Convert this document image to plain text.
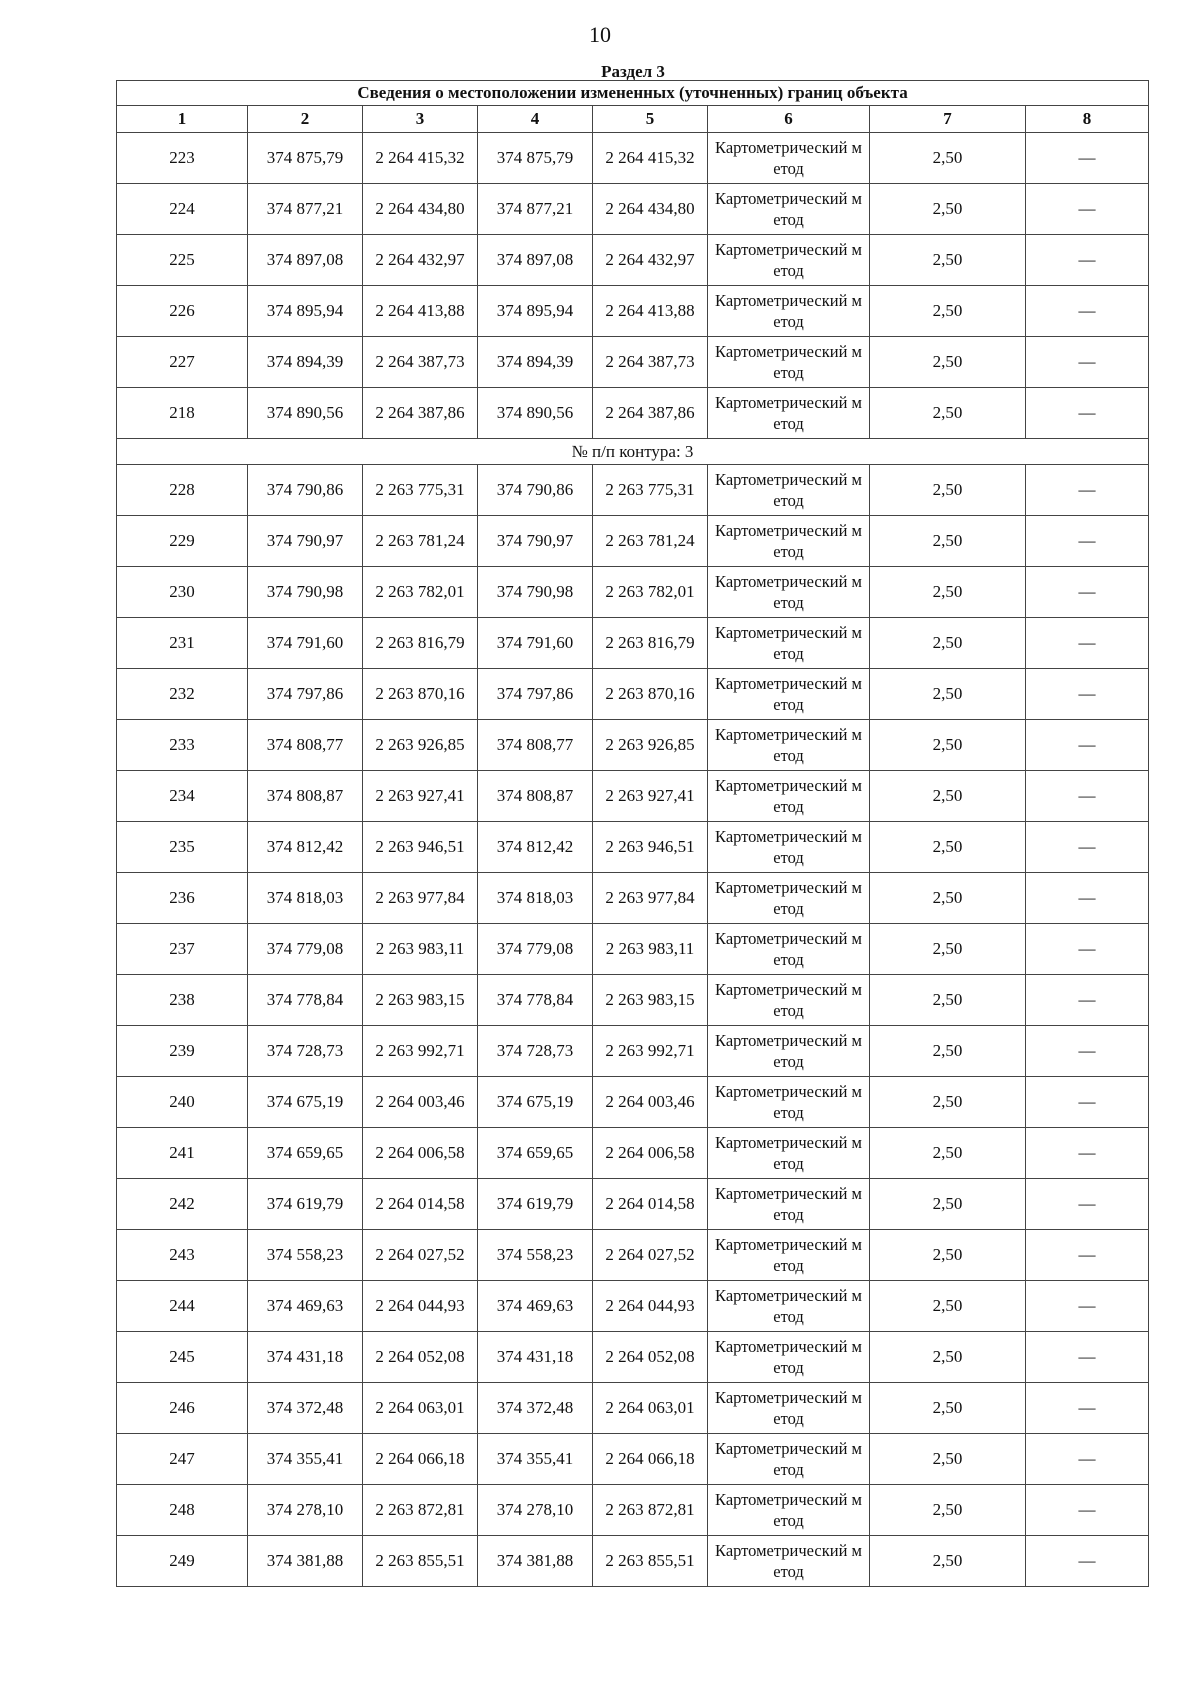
10
Раздел 3
Сведения о местоположении измененных (уточненных) границ объекта							
1	2	3	4	5	6	7	8
223	374 875,79	2 264 415,32	374 875,79	2 264 415,32	Картометрический метод	2,50	—
224	374 877,21	2 264 434,80	374 877,21	2 264 434,80	Картометрический метод	2,50	—
225	374 897,08	2 264 432,97	374 897,08	2 264 432,97	Картометрический метод	2,50	—
226	374 895,94	2 264 413,88	374 895,94	2 264 413,88	Картометрический метод	2,50	—
227	374 894,39	2 264 387,73	374 894,39	2 264 387,73	Картометрический метод	2,50	—
218	374 890,56	2 264 387,86	374 890,56	2 264 387,86	Картометрический метод	2,50	—
№ п/п контура: 3							
228	374 790,86	2 263 775,31	374 790,86	2 263 775,31	Картометрический метод	2,50	—
229	374 790,97	2 263 781,24	374 790,97	2 263 781,24	Картометрический метод	2,50	—
230	374 790,98	2 263 782,01	374 790,98	2 263 782,01	Картометрический метод	2,50	—
231	374 791,60	2 263 816,79	374 791,60	2 263 816,79	Картометрический метод	2,50	—
232	374 797,86	2 263 870,16	374 797,86	2 263 870,16	Картометрический метод	2,50	—
233	374 808,77	2 263 926,85	374 808,77	2 263 926,85	Картометрический метод	2,50	—
234	374 808,87	2 263 927,41	374 808,87	2 263 927,41	Картометрический метод	2,50	—
235	374 812,42	2 263 946,51	374 812,42	2 263 946,51	Картометрический метод	2,50	—
236	374 818,03	2 263 977,84	374 818,03	2 263 977,84	Картометрический метод	2,50	—
237	374 779,08	2 263 983,11	374 779,08	2 263 983,11	Картометрический метод	2,50	—
238	374 778,84	2 263 983,15	374 778,84	2 263 983,15	Картометрический метод	2,50	—
239	374 728,73	2 263 992,71	374 728,73	2 263 992,71	Картометрический метод	2,50	—
240	374 675,19	2 264 003,46	374 675,19	2 264 003,46	Картометрический метод	2,50	—
241	374 659,65	2 264 006,58	374 659,65	2 264 006,58	Картометрический метод	2,50	—
242	374 619,79	2 264 014,58	374 619,79	2 264 014,58	Картометрический метод	2,50	—
243	374 558,23	2 264 027,52	374 558,23	2 264 027,52	Картометрический метод	2,50	—
244	374 469,63	2 264 044,93	374 469,63	2 264 044,93	Картометрический метод	2,50	—
245	374 431,18	2 264 052,08	374 431,18	2 264 052,08	Картометрический метод	2,50	—
246	374 372,48	2 264 063,01	374 372,48	2 264 063,01	Картометрический метод	2,50	—
247	374 355,41	2 264 066,18	374 355,41	2 264 066,18	Картометрический метод	2,50	—
248	374 278,10	2 263 872,81	374 278,10	2 263 872,81	Картометрический метод	2,50	—
249	374 381,88	2 263 855,51	374 381,88	2 263 855,51	Картометрический метод	2,50	—
